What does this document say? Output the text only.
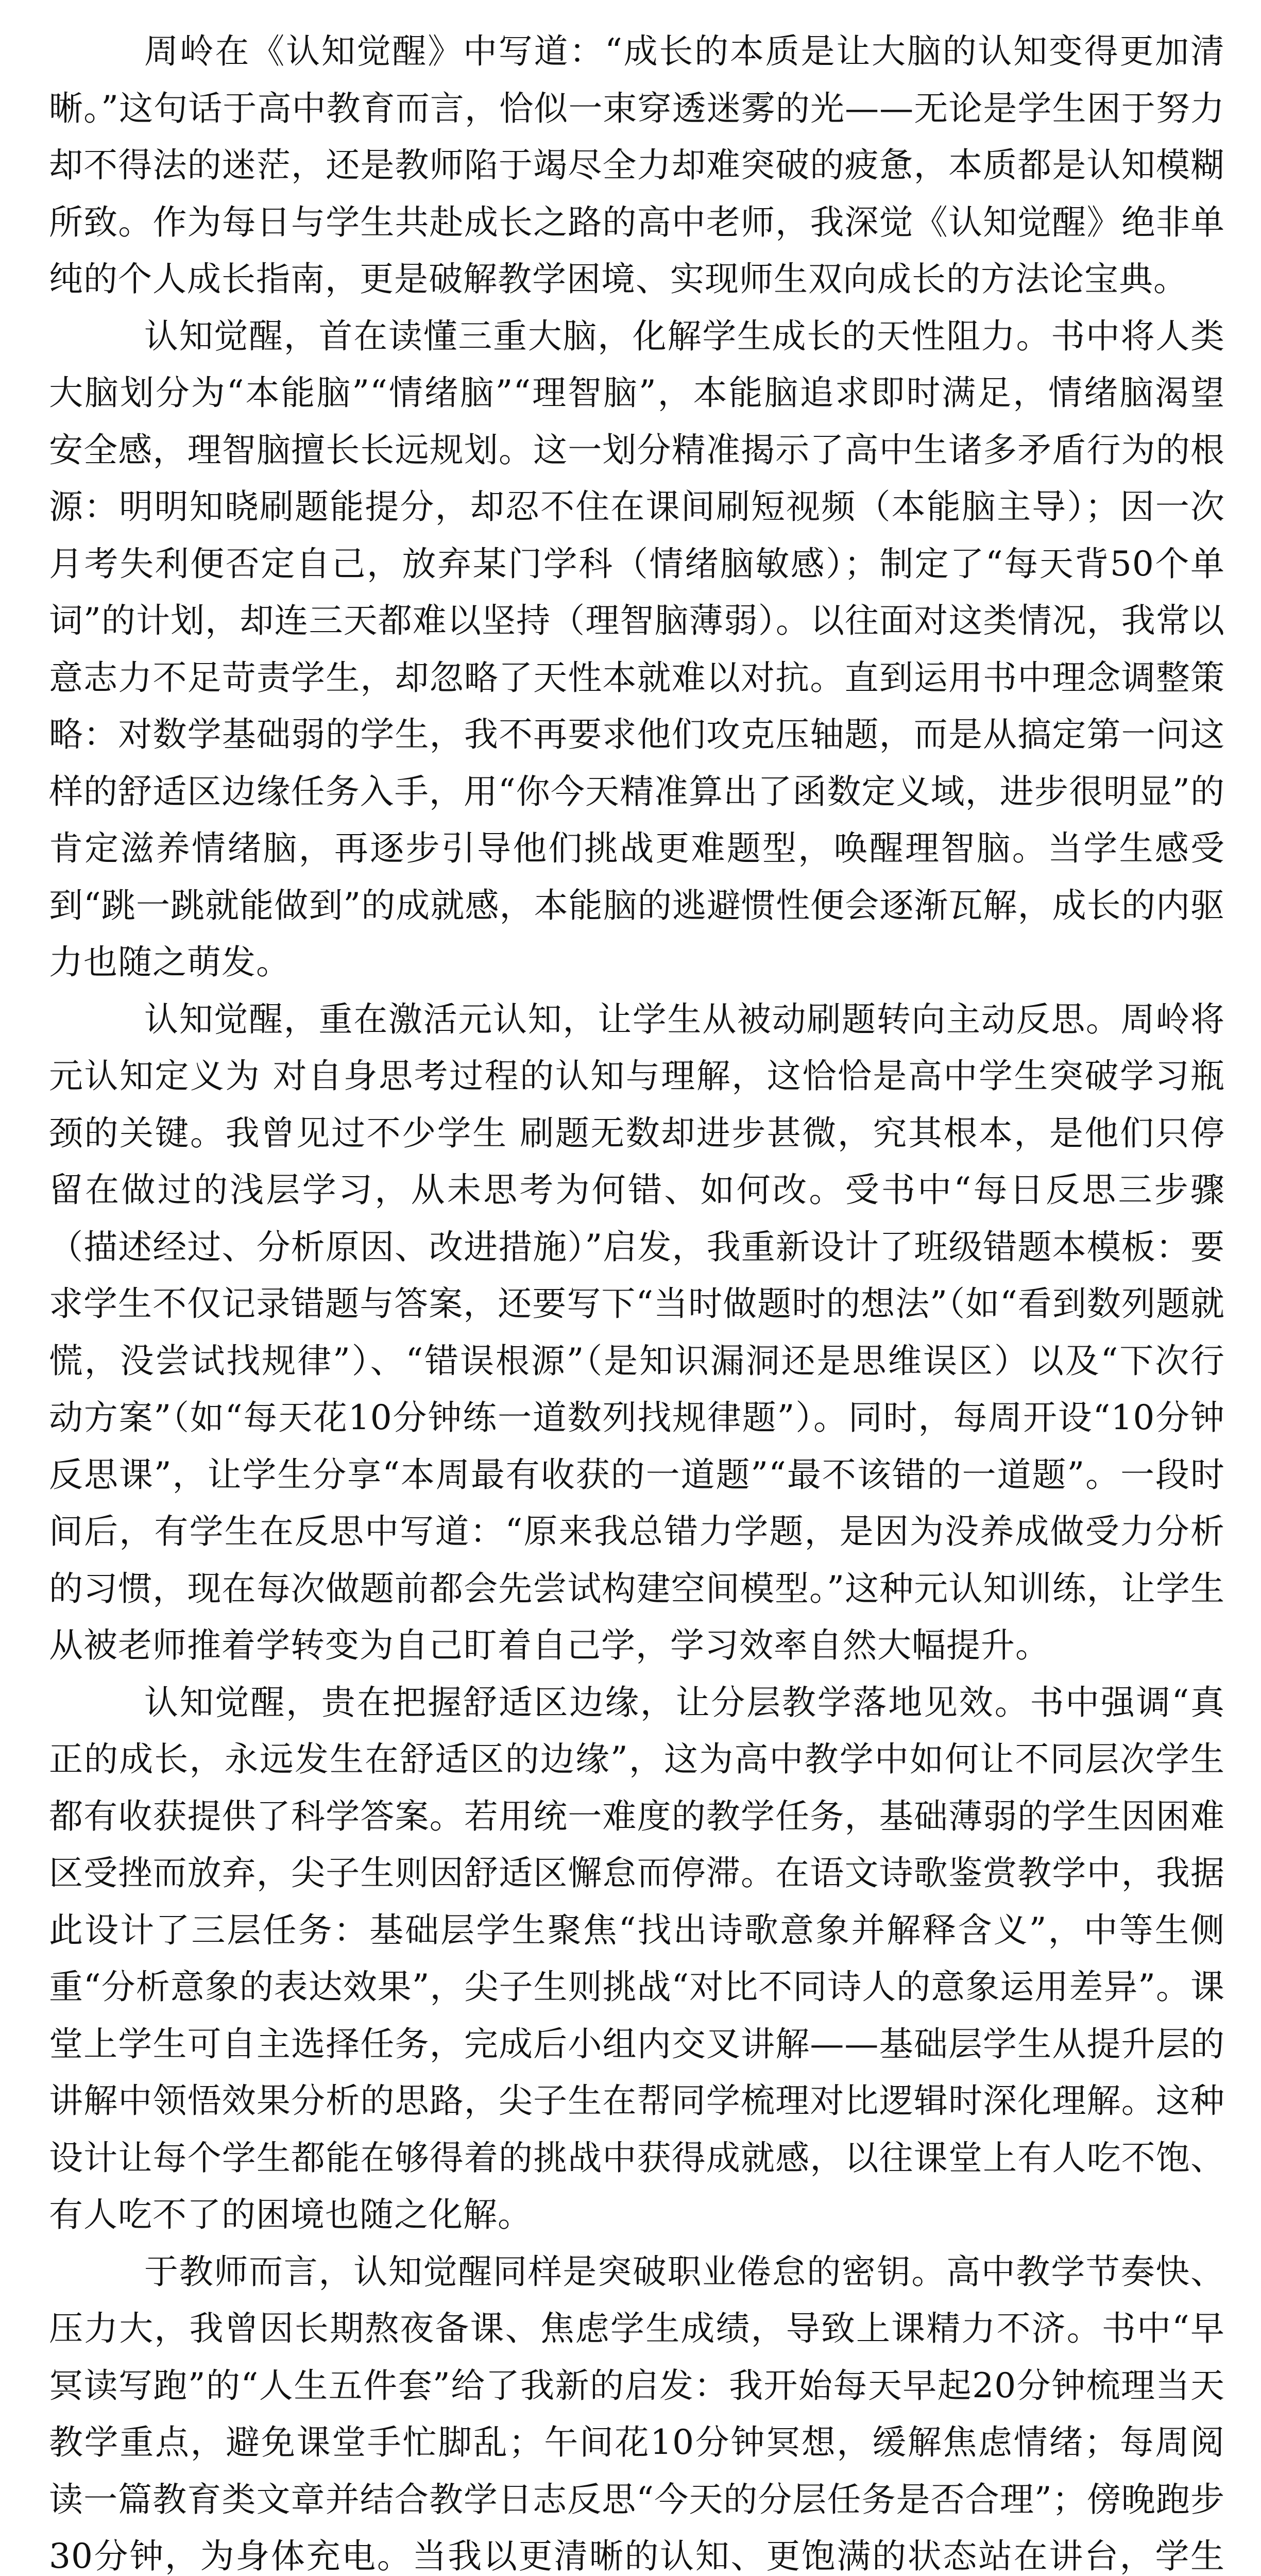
周岭在《认知觉醒》中写道：“成长的本质是让大脑的认知变得更加清晰。”这句话于高中教育而言，恰似一束穿透迷雾的光——无论是学生困于努力却不得法的迷茫，还是教师陷于竭尽全力却难突破的疲惫，本质都是认知模糊所致。作为每日与学生共赴成长之路的高中老师，我深觉《认知觉醒》绝非单纯的个人成长指南，更是破解教学困境、实现师生双向成长的方法论宝典。

认知觉醒，首在读懂三重大脑，化解学生成长的天性阻力。书中将人类大脑划分为“本能脑”“情绪脑”“理智脑”，本能脑追求即时满足，情绪脑渴望安全感，理智脑擅长长远规划。这一划分精准揭示了高中生诸多矛盾行为的根源：明明知晓刷题能提分，却忍不住在课间刷短视频（本能脑主导）；因一次月考失利便否定自己，放弃某门学科（情绪脑敏感）；制定了“每天背50个单词”的计划，却连三天都难以坚持（理智脑薄弱）。以往面对这类情况，我常以意志力不足苛责学生，却忽略了天性本就难以对抗。直到运用书中理念调整策略：对数学基础弱的学生，我不再要求他们攻克压轴题，而是从搞定第一问这样的舒适区边缘任务入手，用“你今天精准算出了函数定义域，进步很明显”的肯定滋养情绪脑，再逐步引导他们挑战更难题型，唤醒理智脑。当学生感受到“跳一跳就能做到”的成就感，本能脑的逃避惯性便会逐渐瓦解，成长的内驱力也随之萌发。

认知觉醒，重在激活元认知，让学生从被动刷题转向主动反思。周岭将元认知定义为 对自身思考过程的认知与理解，这恰恰是高中学生突破学习瓶颈的关键。我曾见过不少学生 刷题无数却进步甚微，究其根本，是他们只停留在做过的浅层学习，从未思考为何错、如何改。受书中“每日反思三步骤（描述经过、分析原因、改进措施）”启发，我重新设计了班级错题本模板：要求学生不仅记录错题与答案，还要写下“当时做题时的想法”（如“看到数列题就慌，没尝试找规律”）、“错误根源”（是知识漏洞还是思维误区）以及“下次行动方案”（如“每天花10分钟练一道数列找规律题”）。同时，每周开设“10分钟反思课”，让学生分享“本周最有收获的一道题”“最不该错的一道题”。一段时间后，有学生在反思中写道：“原来我总错力学题，是因为没养成做受力分析的习惯，现在每次做题前都会先尝试构建空间模型。”这种元认知训练，让学生从被老师推着学转变为自己盯着自己学，学习效率自然大幅提升。

认知觉醒，贵在把握舒适区边缘，让分层教学落地见效。书中强调“真正的成长，永远发生在舒适区的边缘”，这为高中教学中如何让不同层次学生都有收获提供了科学答案。若用统一难度的教学任务，基础薄弱的学生因困难区受挫而放弃，尖子生则因舒适区懈怠而停滞。在语文诗歌鉴赏教学中，我据此设计了三层任务：基础层学生聚焦“找出诗歌意象并解释含义”，中等生侧重“分析意象的表达效果”，尖子生则挑战“对比不同诗人的意象运用差异”。课堂上学生可自主选择任务，完成后小组内交叉讲解——基础层学生从提升层的讲解中领悟效果分析的思路，尖子生在帮同学梳理对比逻辑时深化理解。这种设计让每个学生都能在够得着的挑战中获得成就感，以往课堂上有人吃不饱、有人吃不了的困境也随之化解。

于教师而言，认知觉醒同样是突破职业倦怠的密钥。高中教学节奏快、压力大，我曾因长期熬夜备课、焦虑学生成绩，导致上课精力不济。书中“早冥读写跑”的“人生五件套”给了我新的启发：我开始每天早起20分钟梳理当天教学重点，避免课堂手忙脚乱；午间花10分钟冥想，缓解焦虑情绪；每周阅读一篇教育类文章并结合教学日志反思“今天的分层任务是否合理”；傍晚跑步30分钟，为身体充电。当我以更清晰的认知、更饱满的状态站在讲台，学生
